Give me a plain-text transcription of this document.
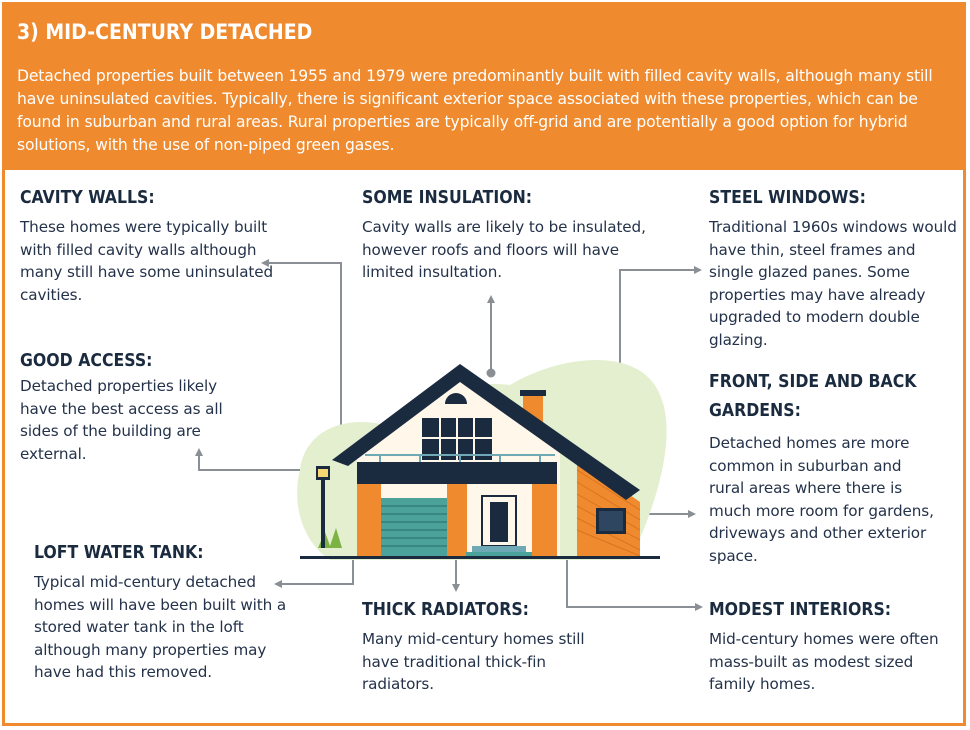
3) MID-CENTURY DETACHED

Detached properties built between 1955 and 1979 were predominantly built with filled cavity walls, although many still have uninsulated cavities. Typically, there is significant exterior space associated with these properties, which can be found in suburban and rural areas. Rural properties are typically off-grid and are potentially a good option for hybrid solutions, with the use of non-piped green gases.

CAVITY WALLS:

These homes were typically built with filled cavity walls although many still have some uninsulated cavities.

GOOD ACCESS:

Detached properties likely have the best access as all sides of the building are external.

LOFT WATER TANK:

Typical mid-century detached homes will have been built with a stored water tank in the loft although many properties may have had this removed.

SOME INSULATION:

Cavity walls are likely to be insulated, however roofs and floors will have limited insultation.

THICK RADIATORS:

Many mid-century homes still have traditional thick-fin radiators.

STEEL WINDOWS:

Traditional 1960s windows would have thin, steel frames and single glazed panes. Some properties may have already upgraded to modern double glazing.

FRONT, SIDE AND BACK GARDENS:

Detached homes are more common in suburban and rural areas where there is much more room for gardens, driveways and other exterior space.

MODEST INTERIORS:

Mid-century homes were often mass-built as modest sized family homes.
